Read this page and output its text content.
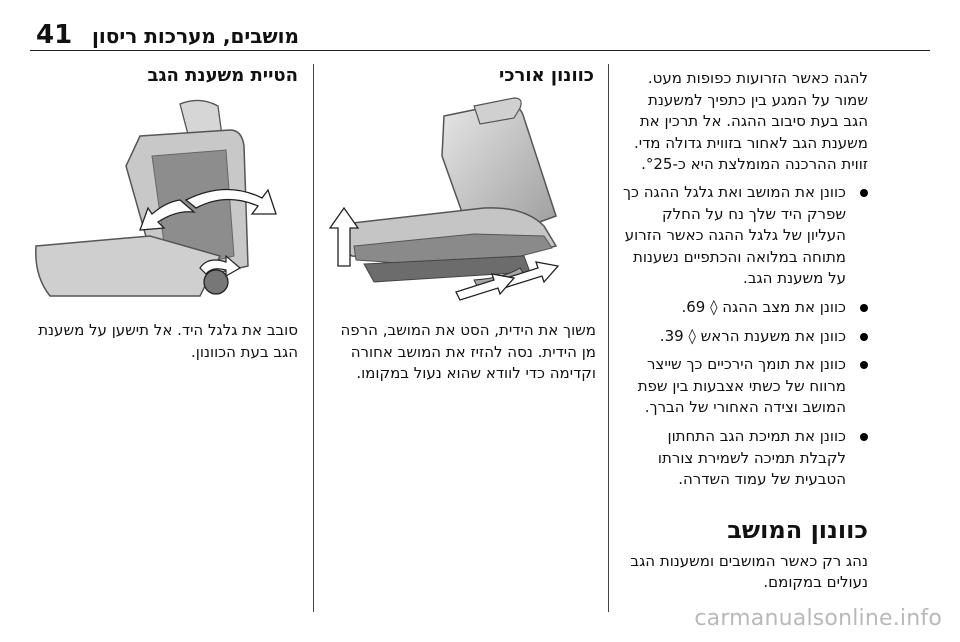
41 מושבים, מערכות ריסון

להגה כאשר הזרועות כפופות מעט. שמור על המגע בין כתפיך למשענת הגב בעת סיבוב ההגה. אל תרכין את משענת הגב לאחור בזווית גדולה מדי. זווית ההרכנה המומלצת היא כ-°25.

כוונן את המושב ואת גלגל ההגה כך שפרק היד שלך נח על החלק העליון של גלגל ההגה כאשר הזרוע מתוחה במלואה והכתפיים נשענות על משענת הגב.
כוונן את מצב ההגה ◊ 69.
כוונן את משענת הראש ◊ 39.
כוונן את תומך הירכיים כך שייצר מרווח של כשתי אצבעות בין שפת המושב וצידה האחורי של הברך.
כוונן את תמיכת הגב התחתון לקבלת תמיכה לשמירת צורתו הטבעית של עמוד השדרה.
כוונון המושב

נהג רק כאשר המושבים ומשענות הגב נעולים במקומם.

כוונון אורכי
משוך את הידית, הסט את המושב, הרפה מן הידית. נסה להזיז את המושב אחורה וקדימה כדי לוודא שהוא נעול במקומו.
הטיית משענת הגב
סובב את גלגל היד. אל תישען על משענת הגב בעת הכוונון.
carmanualsonline.info
